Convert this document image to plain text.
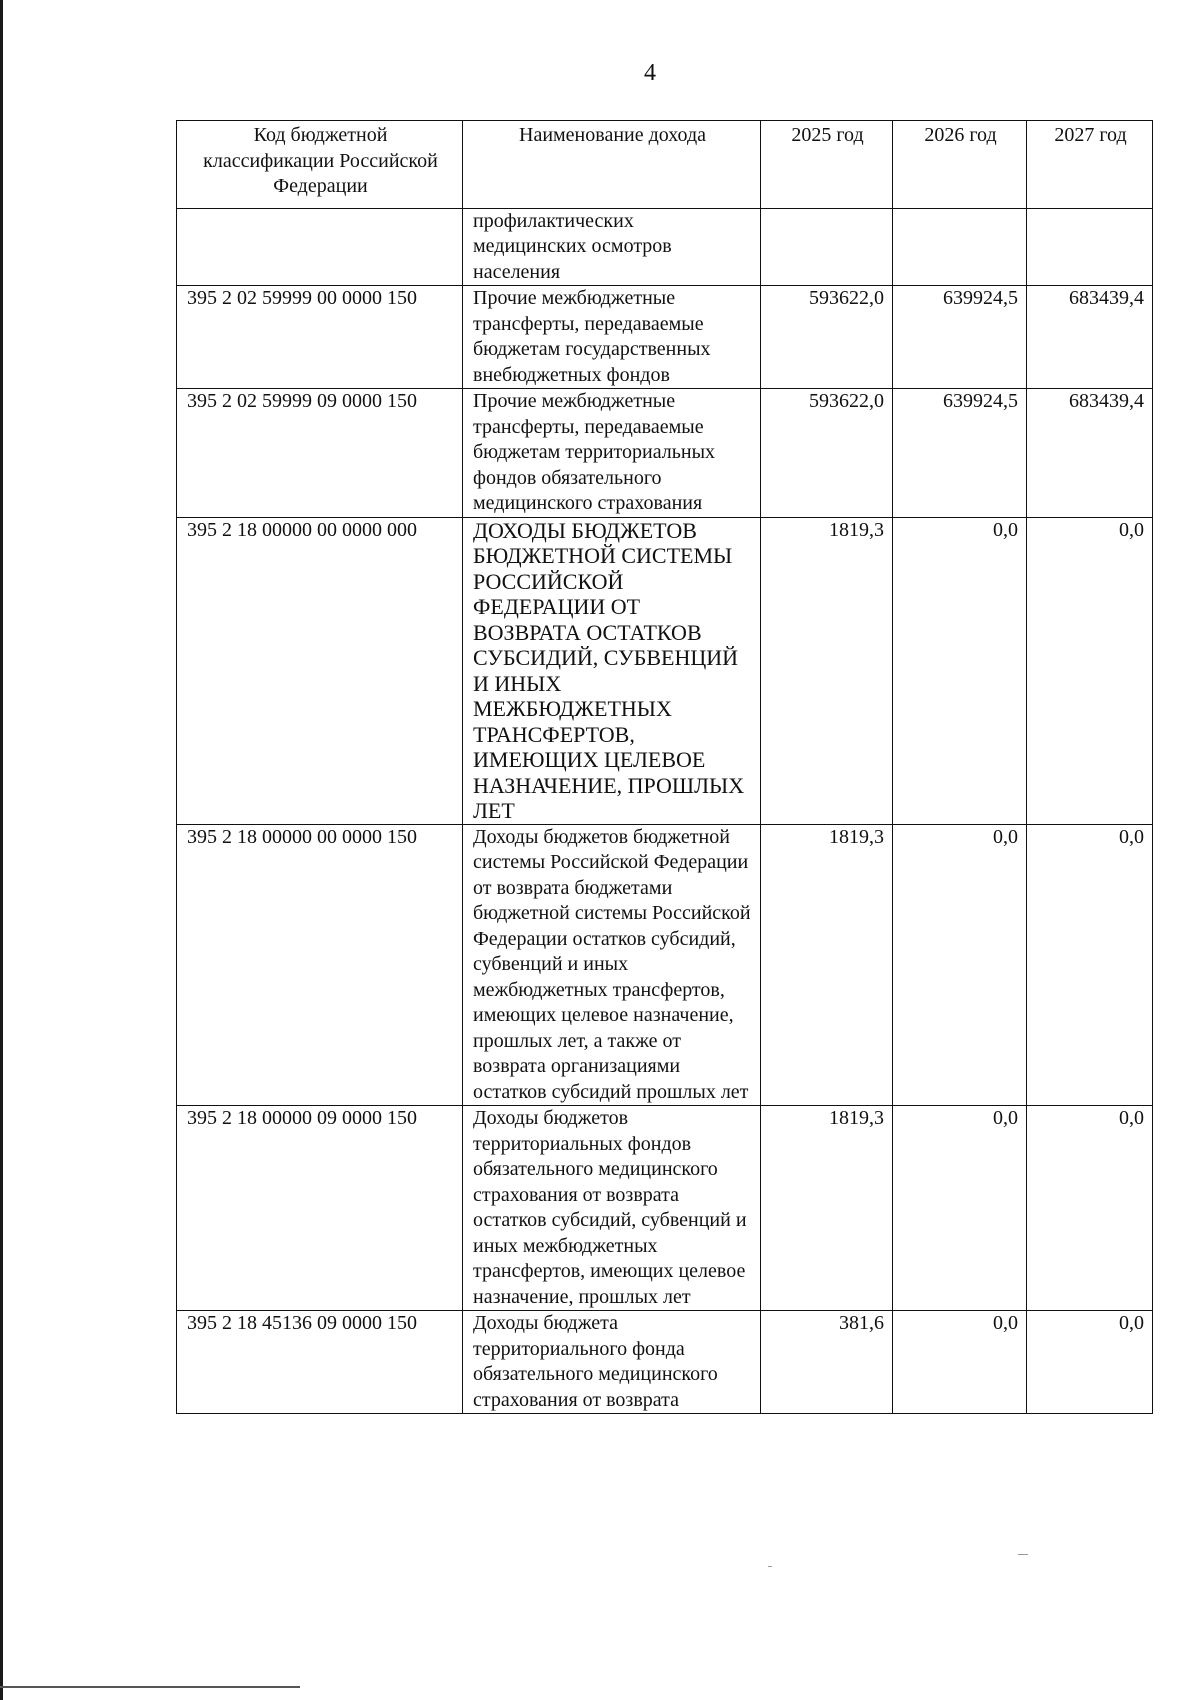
4
Код бюджетной классификации Российской Федерации	Наименование дохода	2025 год	2026 год	2027 год
	профилактических медицинских осмотров населения			
395 2 02 59999 00 0000 150	Прочие межбюджетные трансферты, передаваемые бюджетам государственных внебюджетных фондов	593622,0	639924,5	683439,4
395 2 02 59999 09 0000 150	Прочие межбюджетные трансферты, передаваемые бюджетам территориальных фондов обязательного медицинского страхования	593622,0	639924,5	683439,4
395 2 18 00000 00 0000 000	ДОХОДЫ БЮДЖЕТОВ БЮДЖЕТНОЙ СИСТЕМЫ РОССИЙСКОЙ ФЕДЕРАЦИИ ОТ ВОЗВРАТА ОСТАТКОВ СУБСИДИЙ, СУБВЕНЦИЙ И ИНЫХ МЕЖБЮДЖЕТНЫХ ТРАНСФЕРТОВ, ИМЕЮЩИХ ЦЕЛЕВОЕ НАЗНАЧЕНИЕ, ПРОШЛЫХ ЛЕТ	1819,3	0,0	0,0
395 2 18 00000 00 0000 150	Доходы бюджетов бюджетной системы Российской Федерации от возврата бюджетами бюджетной системы Российской Федерации остатков субсидий, субвенций и иных межбюджетных трансфертов, имеющих целевое назначение, прошлых лет, а также от возврата организациями остатков субсидий прошлых лет	1819,3	0,0	0,0
395 2 18 00000 09 0000 150	Доходы бюджетов территориальных фондов обязательного медицинского страхования от возврата остатков субсидий, субвенций и иных межбюджетных трансфертов, имеющих целевое назначение, прошлых лет	1819,3	0,0	0,0
395 2 18 45136 09 0000 150	Доходы бюджета территориального фонда обязательного медицинского страхования от возврата	381,6	0,0	0,0
